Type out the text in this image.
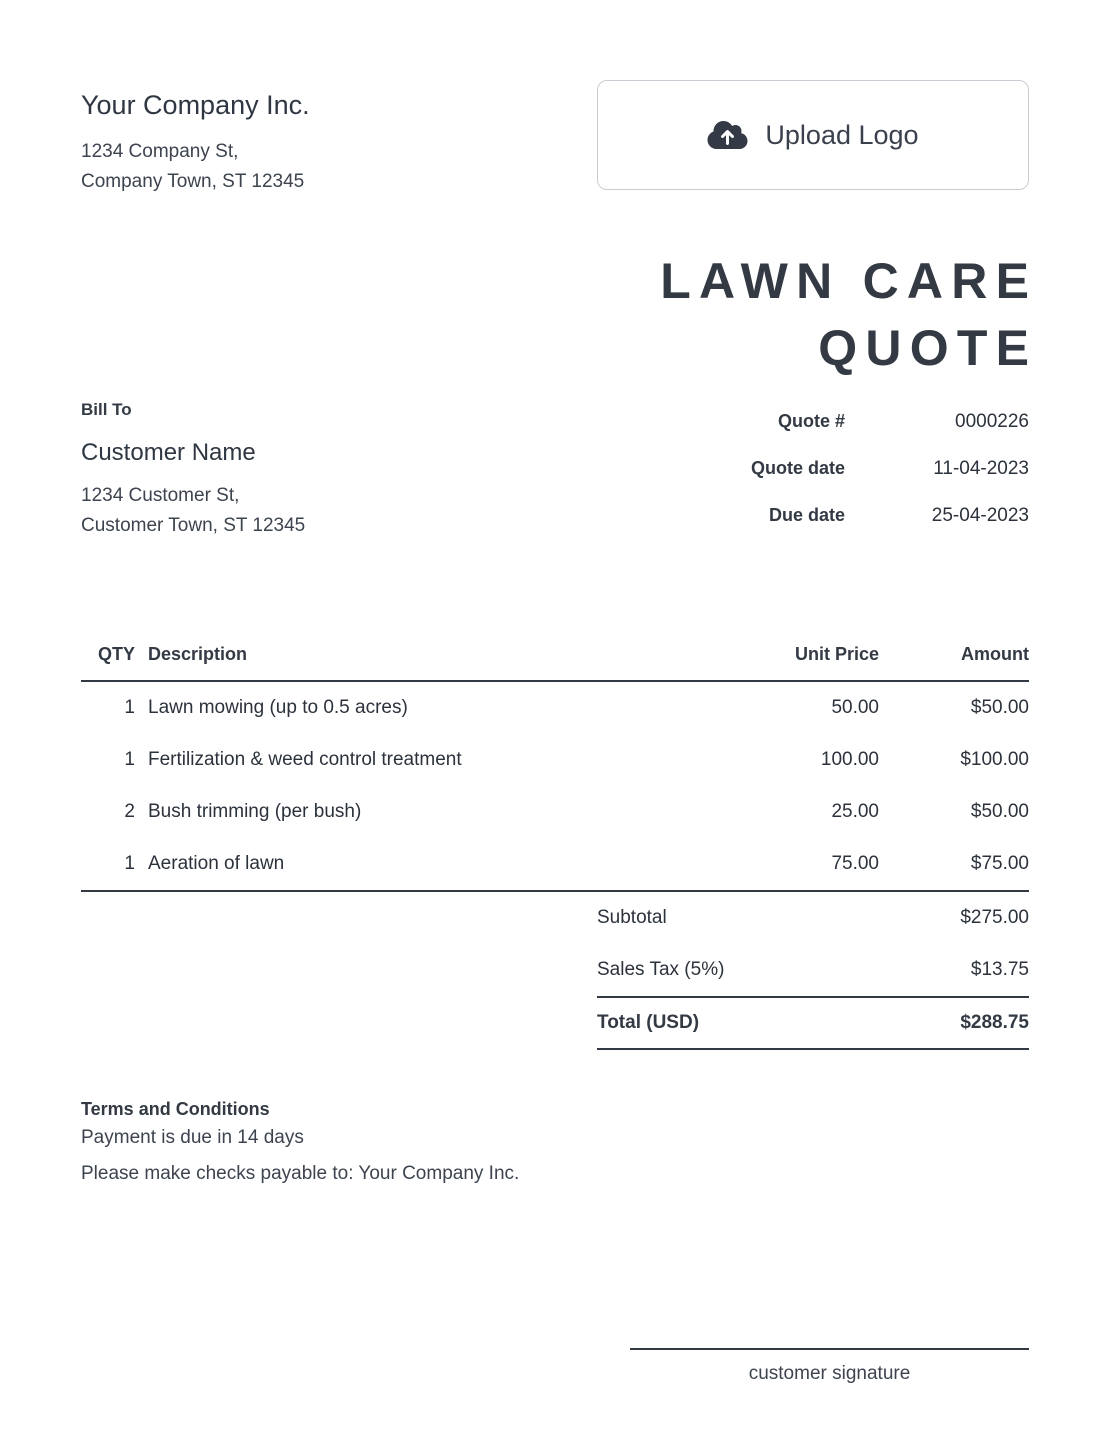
Your Company Inc.
1234 Company St,
Company Town, ST 12345
Upload Logo
LAWN CARE
QUOTE
Bill To
Customer Name
1234 Customer St,
Customer Town, ST 12345
Quote #	0000226
Quote date	11-04-2023
Due date	25-04-2023
QTY	Description	Unit Price	Amount
1	Lawn mowing (up to 0.5 acres)	50.00	$50.00
1	Fertilization & weed control treatment	100.00	$100.00
2	Bush trimming (per bush)	25.00	$50.00
1	Aeration of lawn	75.00	$75.00
Subtotal	$275.00
Sales Tax (5%)	$13.75
Total (USD)	$288.75
Terms and Conditions
Payment is due in 14 days
Please make checks payable to: Your Company Inc.
customer signature
